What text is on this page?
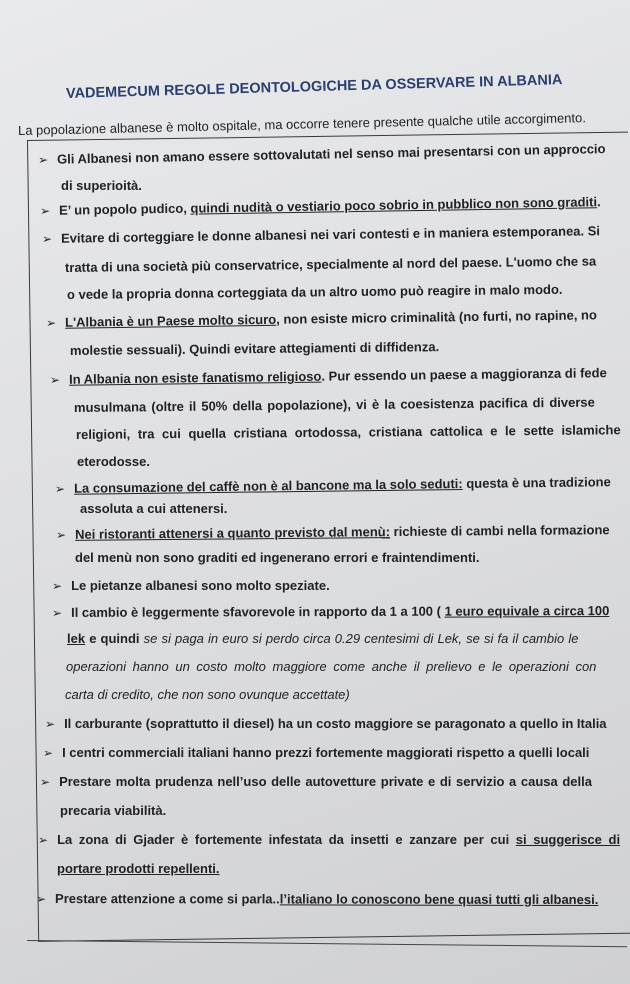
VADEMECUM REGOLE DEONTOLOGICHE DA OSSERVARE IN ALBANIA
La popolazione albanese è molto ospitale, ma occorre tenere presente qualche utile accorgimento.
➢ Gli Albanesi non amano essere sottovalutati nel senso mai presentarsi con un approccio
di superioità.
➢ E’ un popolo pudico, quindi nudità o vestiario poco sobrio in pubblico non sono graditi.
➢ Evitare di corteggiare le donne albanesi nei vari contesti e in maniera estemporanea. Si
tratta di una società più conservatrice, specialmente al nord del paese. L'uomo che sa
o vede la propria donna corteggiata da un altro uomo può reagire in malo modo.
➢ L'Albania è un Paese molto sicuro, non esiste micro criminalità (no furti, no rapine, no
molestie sessuali). Quindi evitare attegiamenti di diffidenza.
➢ In Albania non esiste fanatismo religioso. Pur essendo un paese a maggioranza di fede
musulmana (oltre il 50% della popolazione), vi è la coesistenza pacifica di diverse
religioni, tra cui quella cristiana ortodossa, cristiana cattolica e le sette islamiche
eterodosse.
➢ La consumazione del caffè non è al bancone ma la solo seduti: questa è una tradizione
assoluta a cui attenersi.
➢ Nei ristoranti attenersi a quanto previsto dal menù: richieste di cambi nella formazione
del menù non sono graditi ed ingenerano errori e fraintendimenti.
➢ Le pietanze albanesi sono molto speziate.
➢ Il cambio è leggermente sfavorevole in rapporto da 1 a 100 ( 1 euro equivale a circa 100
lek e quindi se si paga in euro si perdo circa 0.29 centesimi di Lek, se si fa il cambio le
operazioni hanno un costo molto maggiore come anche il prelievo e le operazioni con
carta di credito, che non sono ovunque accettate)
➢ Il carburante (soprattutto il diesel) ha un costo maggiore se paragonato a quello in Italia
➢ I centri commerciali italiani hanno prezzi fortemente maggiorati rispetto a quelli locali
➢ Prestare molta prudenza nell’uso delle autovetture private e di servizio a causa della
precaria viabilità.
➢ La zona di Gjader è fortemente infestata da insetti e zanzare per cui si suggerisce di
portare prodotti repellenti.
➢ Prestare attenzione a come si parla..l’italiano lo conoscono bene quasi tutti gli albanesi.
